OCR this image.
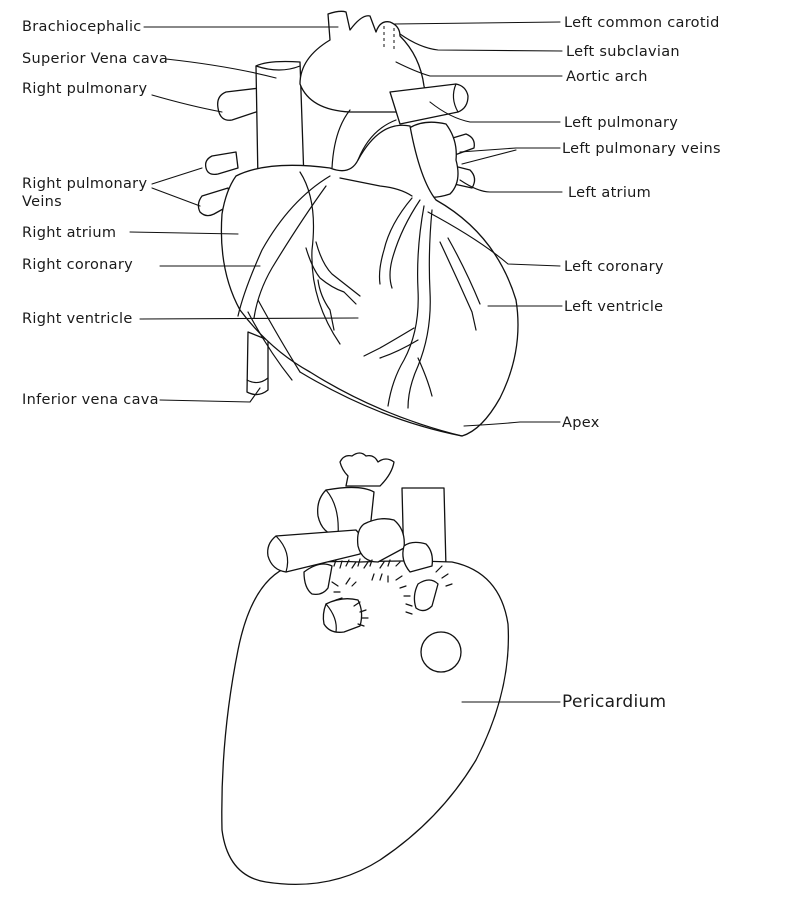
Brachiocephalic
Superior Vena cava
Right pulmonary
Right pulmonary
Veins
Right atrium
Right coronary
Right ventricle
Inferior vena cava
Left common carotid
Left subclavian
Aortic arch
Left pulmonary
Left pulmonary veins
Left atrium
Left coronary
Left ventricle
Apex
Pericardium
